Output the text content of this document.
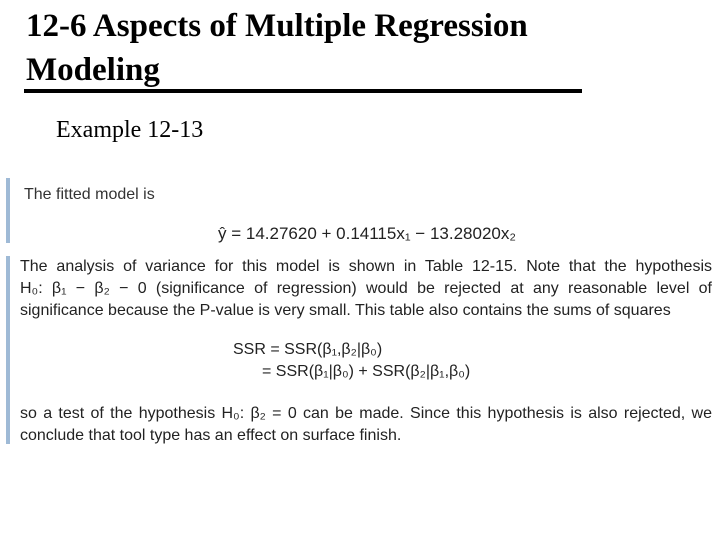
12-6 Aspects of Multiple Regression
Modeling
Example 12-13
The fitted model is
ŷ = 14.27620 + 0.14115x₁ − 13.28020x₂
The analysis of variance for this model is shown in Table 12-15. Note that the hypothesis
H₀: β₁ − β₂ − 0 (significance of regression) would be rejected at any reasonable level of
significance because the P-value is very small. This table also contains the sums of squares
SSR = SSR(β₁,β₂|β₀)
= SSR(β₁|β₀) + SSR(β₂|β₁,β₀)
so a test of the hypothesis H₀: β₂ = 0 can be made. Since this hypothesis is also rejected, we
conclude that tool type has an effect on surface finish.
